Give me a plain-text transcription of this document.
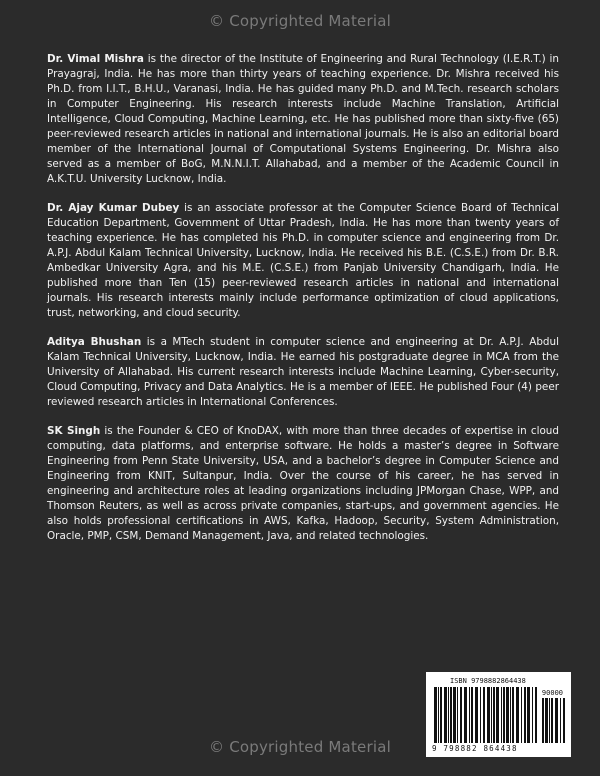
© Copyrighted Material

Dr. Vimal Mishra is the director of the Institute of Engineering and Rural Technology (I.E.R.T.) in Prayagraj, India. He has more than thirty years of teaching experience. Dr. Mishra received his Ph.D. from I.I.T., B.H.U., Varanasi, India. He has guided many Ph.D. and M.Tech. research scholars in Computer Engineering. His research interests include Machine Translation, Artificial Intelligence, Cloud Computing, Machine Learning, etc. He has published more than sixty-five (65) peer-reviewed research articles in national and international journals. He is also an editorial board member of the International Journal of Computational Systems Engineering. Dr. Mishra also served as a member of BoG, M.N.N.I.T. Allahabad, and a member of the Academic Council in A.K.T.U. University Lucknow, India.

Dr. Ajay Kumar Dubey is an associate professor at the Computer Science Board of Technical Education Department, Government of Uttar Pradesh, India. He has more than twenty years of teaching experience. He has completed his Ph.D. in computer science and engineering from Dr. A.P.J. Abdul Kalam Technical University, Lucknow, India. He received his B.E. (C.S.E.) from Dr. B.R. Ambedkar University Agra, and his M.E. (C.S.E.) from Panjab University Chandigarh, India. He published more than Ten (15) peer-reviewed research articles in national and international journals. His research interests mainly include performance optimization of cloud applications, trust, networking, and cloud security.

Aditya Bhushan is a MTech student in computer science and engineering at Dr. A.P.J. Abdul Kalam Technical University, Lucknow, India. He earned his postgraduate degree in MCA from the University of Allahabad. His current research interests include Machine Learning, Cyber-security, Cloud Computing, Privacy and Data Analytics. He is a member of IEEE. He published Four (4) peer reviewed research articles in International Conferences.

SK Singh is the Founder & CEO of KnoDAX, with more than three decades of expertise in cloud computing, data platforms, and enterprise software. He holds a master’s degree in Software Engineering from Penn State University, USA, and a bachelor’s degree in Computer Science and Engineering from KNIT, Sultanpur, India. Over the course of his career, he has served in engineering and architecture roles at leading organizations including JPMorgan Chase, WPP, and Thomson Reuters, as well as across private companies, start-ups, and government agencies. He also holds professional certifications in AWS, Kafka, Hadoop, Security, System Administration, Oracle, PMP, CSM, Demand Management, Java, and related technologies.

ISBN 9798882864438
90000
9 798882 864438
© Copyrighted Material
